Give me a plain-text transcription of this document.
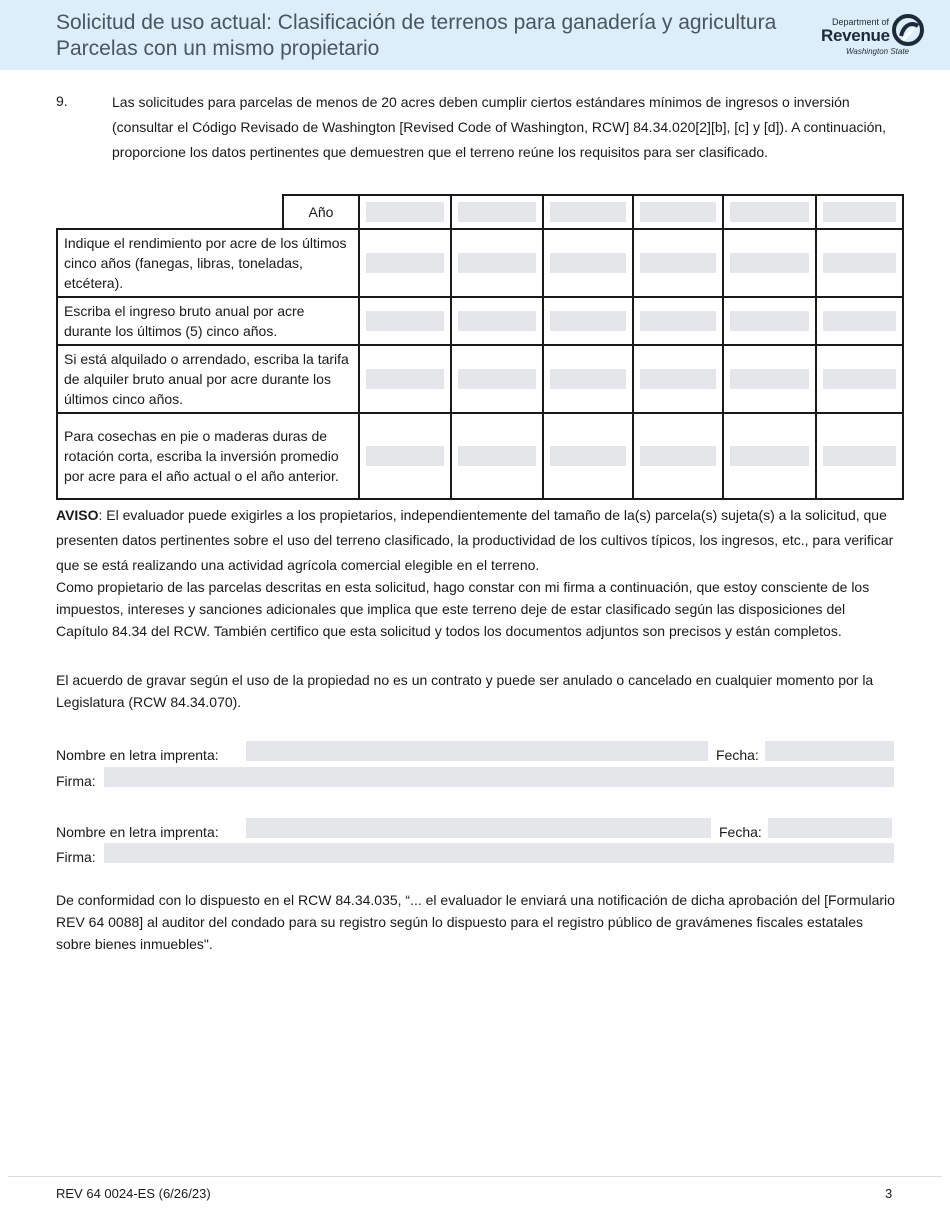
Solicitud de uso actual: Clasificación de terrenos para ganadería y agricultura
Parcelas con un mismo propietario
Department of
Revenue
Washington State
9.	Las solicitudes para parcelas de menos de 20 acres deben cumplir ciertos estándares mínimos de ingresos o inversión (consultar el Código Revisado de Washington [Revised Code of Washington, RCW] 84.34.020[2][b], [c] y [d]). A continuación, proporcione los datos pertinentes que demuestren que el terreno reúne los requisitos para ser clasificado.
	Año	

Indique el rendimiento por acre de los últimos cinco años (fanegas, libras, toneladas, etcétera).		

Escriba el ingreso bruto anual por acre durante los últimos (5) cinco años.		

Si está alquilado o arrendado, escriba la tarifa de alquiler bruto anual por acre durante los últimos cinco años.		

Para cosechas en pie o maderas duras de rotación corta, escriba la inversión promedio por acre para el año actual o el año anterior.		

AVISO: El evaluador puede exigirles a los propietarios, independientemente del tamaño de la(s) parcela(s) sujeta(s) a la solicitud, que presenten datos pertinentes sobre el uso del terreno clasificado, la productividad de los cultivos típicos, los ingresos, etc., para verificar que se está realizando una actividad agrícola comercial elegible en el terreno.
Como propietario de las parcelas descritas en esta solicitud, hago constar con mi firma a continuación, que estoy consciente de los impuestos, intereses y sanciones adicionales que implica que este terreno deje de estar clasificado según las disposiciones del Capítulo 84.34 del RCW. También certifico que esta solicitud y todos los documentos adjuntos son precisos y están completos.
El acuerdo de gravar según el uso de la propiedad no es un contrato y puede ser anulado o cancelado en cualquier momento por la Legislatura (RCW 84.34.070).
Nombre en letra imprenta:	Fecha:
Firma:
Nombre en letra imprenta:	Fecha:
Firma:
De conformidad con lo dispuesto en el RCW 84.34.035, “... el evaluador le enviará una notificación de dicha aprobación del [Formulario REV 64 0088] al auditor del condado para su registro según lo dispuesto para el registro público de gravámenes fiscales estatales sobre bienes inmuebles".
REV 64 0024-ES (6/26/23)	3
